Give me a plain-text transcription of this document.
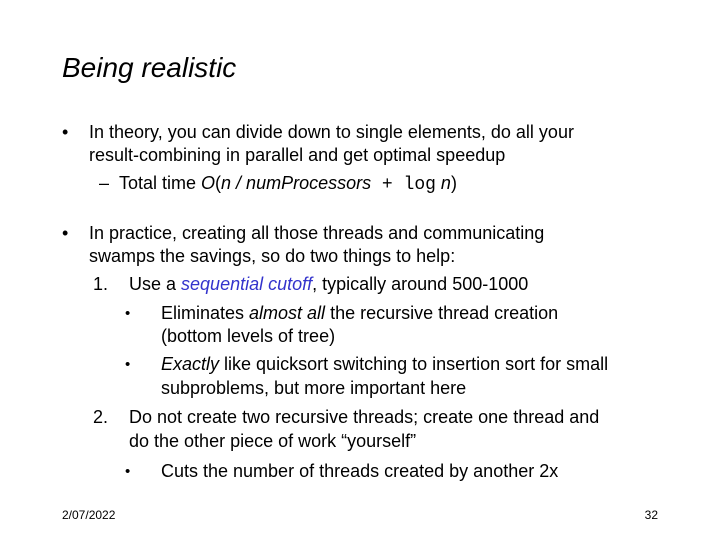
Being realistic
• In theory, you can divide down to single elements, do all your
result-combining in parallel and get optimal speedup
– Total time O(n / numProcessors + log n)
• In practice, creating all those threads and communicating
swamps the savings, so do two things to help:
1. Use a sequential cutoff, typically around 500-1000
• Eliminates almost all the recursive thread creation
(bottom levels of tree)
• Exactly like quicksort switching to insertion sort for small
subproblems, but more important here
2. Do not create two recursive threads; create one thread and
do the other piece of work “yourself”
• Cuts the number of threads created by another 2x
2/07/2022	32
